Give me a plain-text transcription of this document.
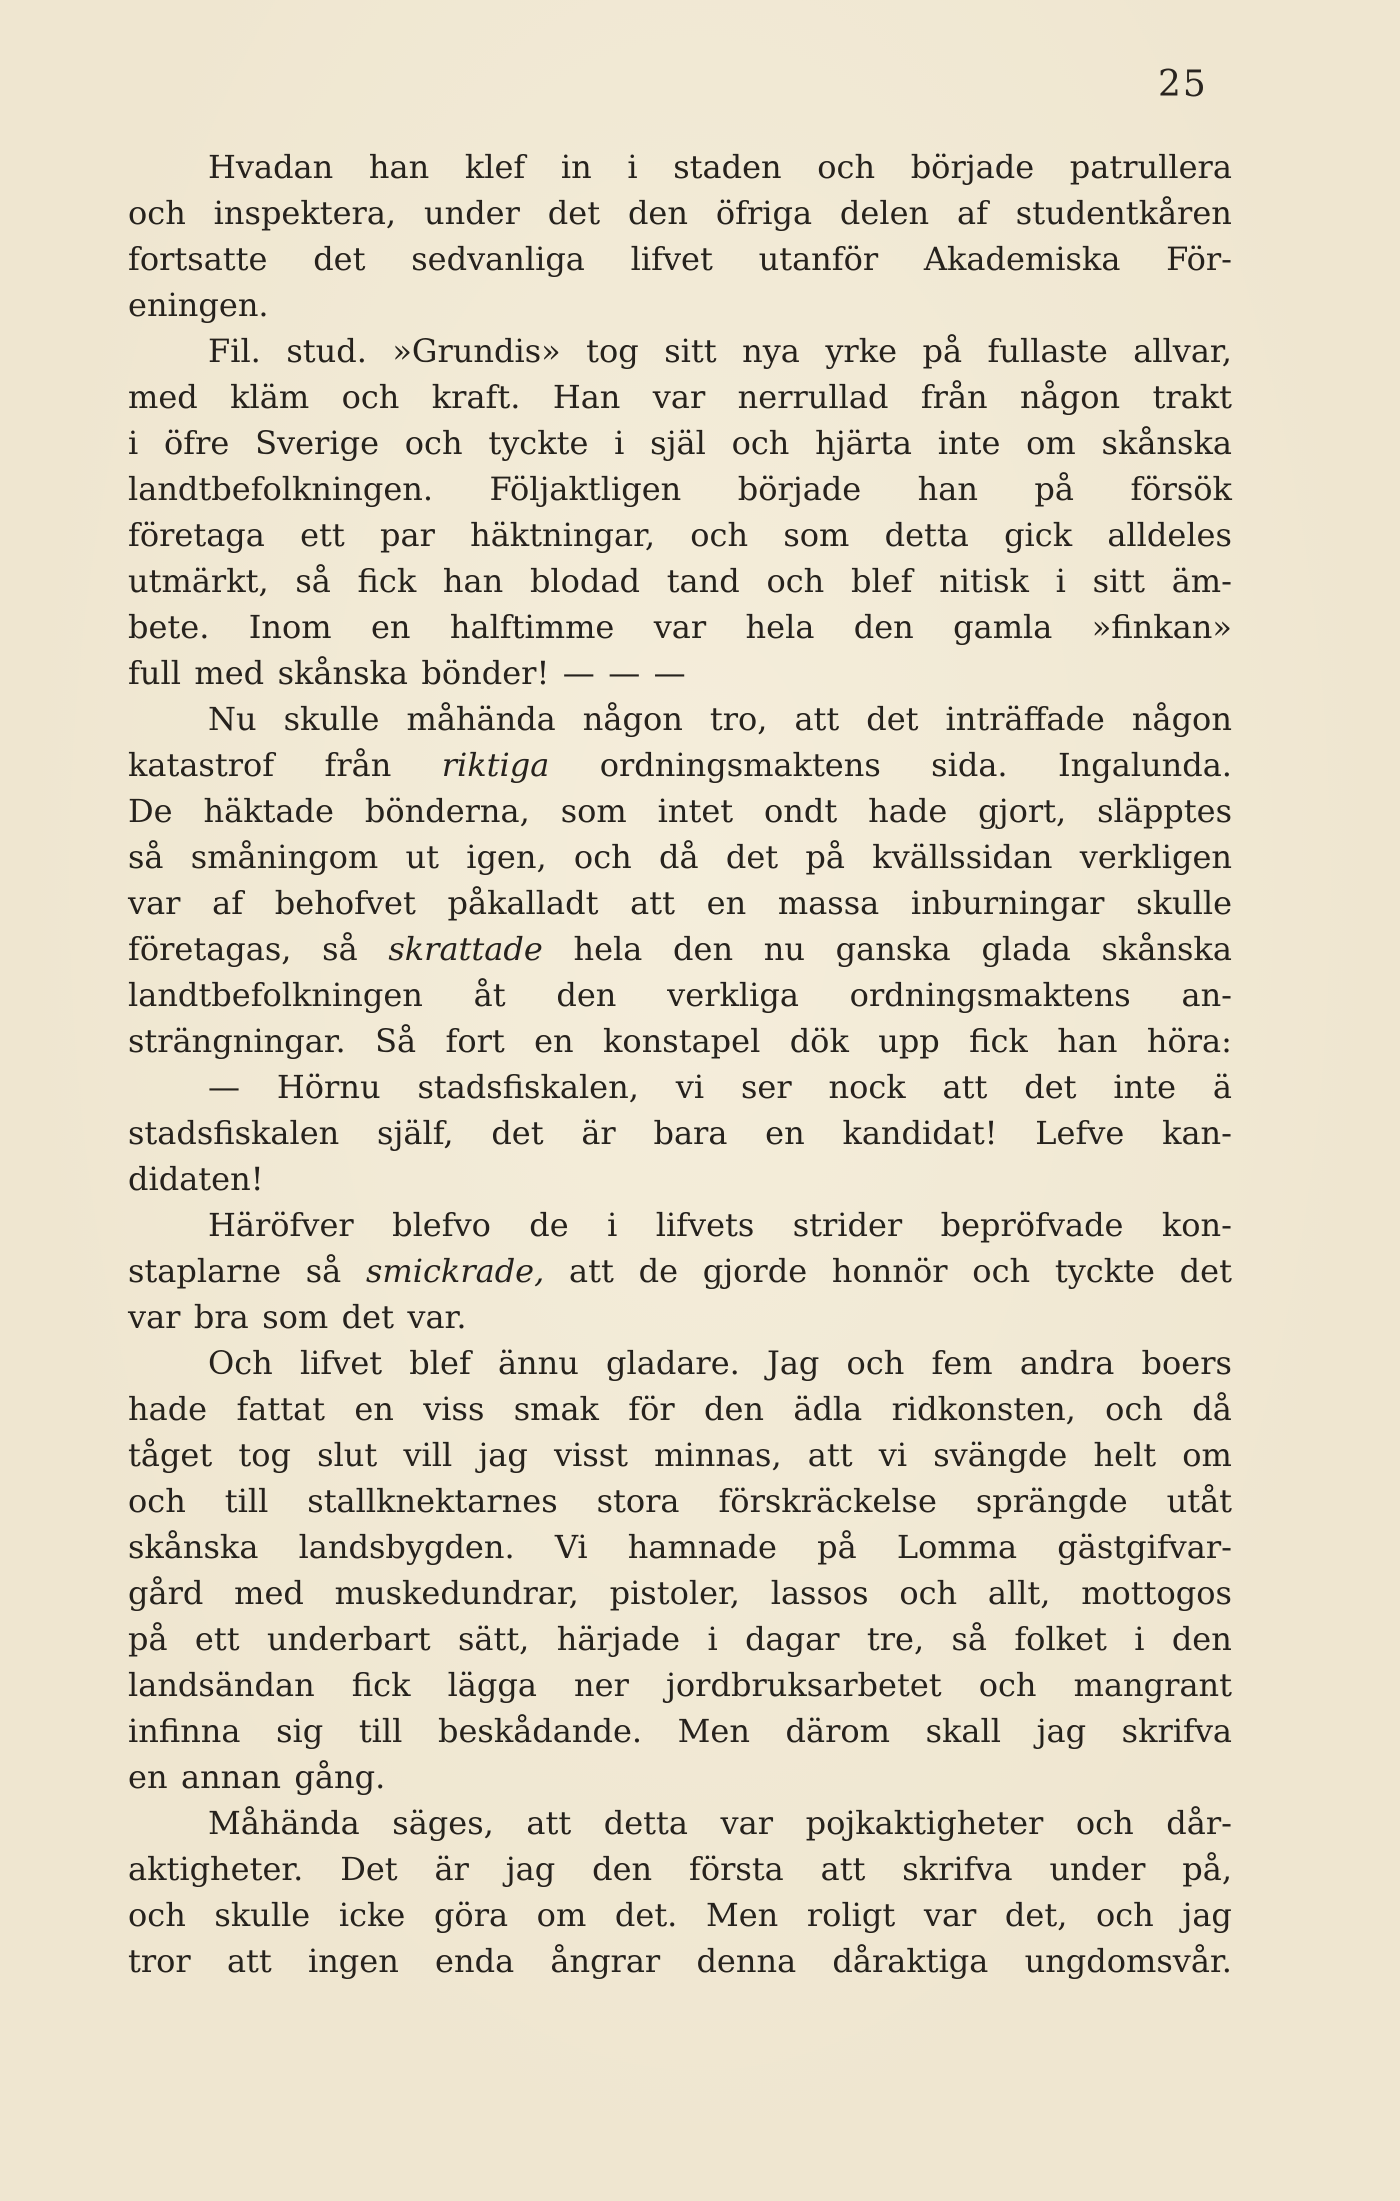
25
Hvadan han klef in i staden och började patrullera
och inspektera, under det den öfriga delen af studentkåren
fortsatte det sedvanliga lifvet utanför Akademiska För-
eningen.
Fil. stud. »Grundis» tog sitt nya yrke på fullaste allvar,
med kläm och kraft. Han var nerrullad från någon trakt
i öfre Sverige och tyckte i själ och hjärta inte om skånska
landtbefolkningen. Följaktligen började han på försök
företaga ett par häktningar, och som detta gick alldeles
utmärkt, så fick han blodad tand och blef nitisk i sitt äm-
bete. Inom en halftimme var hela den gamla »finkan»
full med skånska bönder! — — —
Nu skulle måhända någon tro, att det inträffade någon
katastrof från riktiga ordningsmaktens sida. Ingalunda.
De häktade bönderna, som intet ondt hade gjort, släpptes
så småningom ut igen, och då det på kvällssidan verkligen
var af behofvet påkalladt att en massa inburningar skulle
företagas, så skrattade hela den nu ganska glada skånska
landtbefolkningen åt den verkliga ordningsmaktens an-
strängningar. Så fort en konstapel dök upp fick han höra:
— Hörnu stadsfiskalen, vi ser nock att det inte ä
stadsfiskalen själf, det är bara en kandidat! Lefve kan-
didaten!
Häröfver blefvo de i lifvets strider bepröfvade kon-
staplarne så smickrade, att de gjorde honnör och tyckte det
var bra som det var.
Och lifvet blef ännu gladare. Jag och fem andra boers
hade fattat en viss smak för den ädla ridkonsten, och då
tåget tog slut vill jag visst minnas, att vi svängde helt om
och till stallknektarnes stora förskräckelse sprängde utåt
skånska landsbygden. Vi hamnade på Lomma gästgifvar-
gård med muskedundrar, pistoler, lassos och allt, mottogos
på ett underbart sätt, härjade i dagar tre, så folket i den
landsändan fick lägga ner jordbruksarbetet och mangrant
infinna sig till beskådande. Men därom skall jag skrifva
en annan gång.
Måhända säges, att detta var pojkaktigheter och dår-
aktigheter. Det är jag den första att skrifva under på,
och skulle icke göra om det. Men roligt var det, och jag
tror att ingen enda ångrar denna dåraktiga ungdomsvår.
